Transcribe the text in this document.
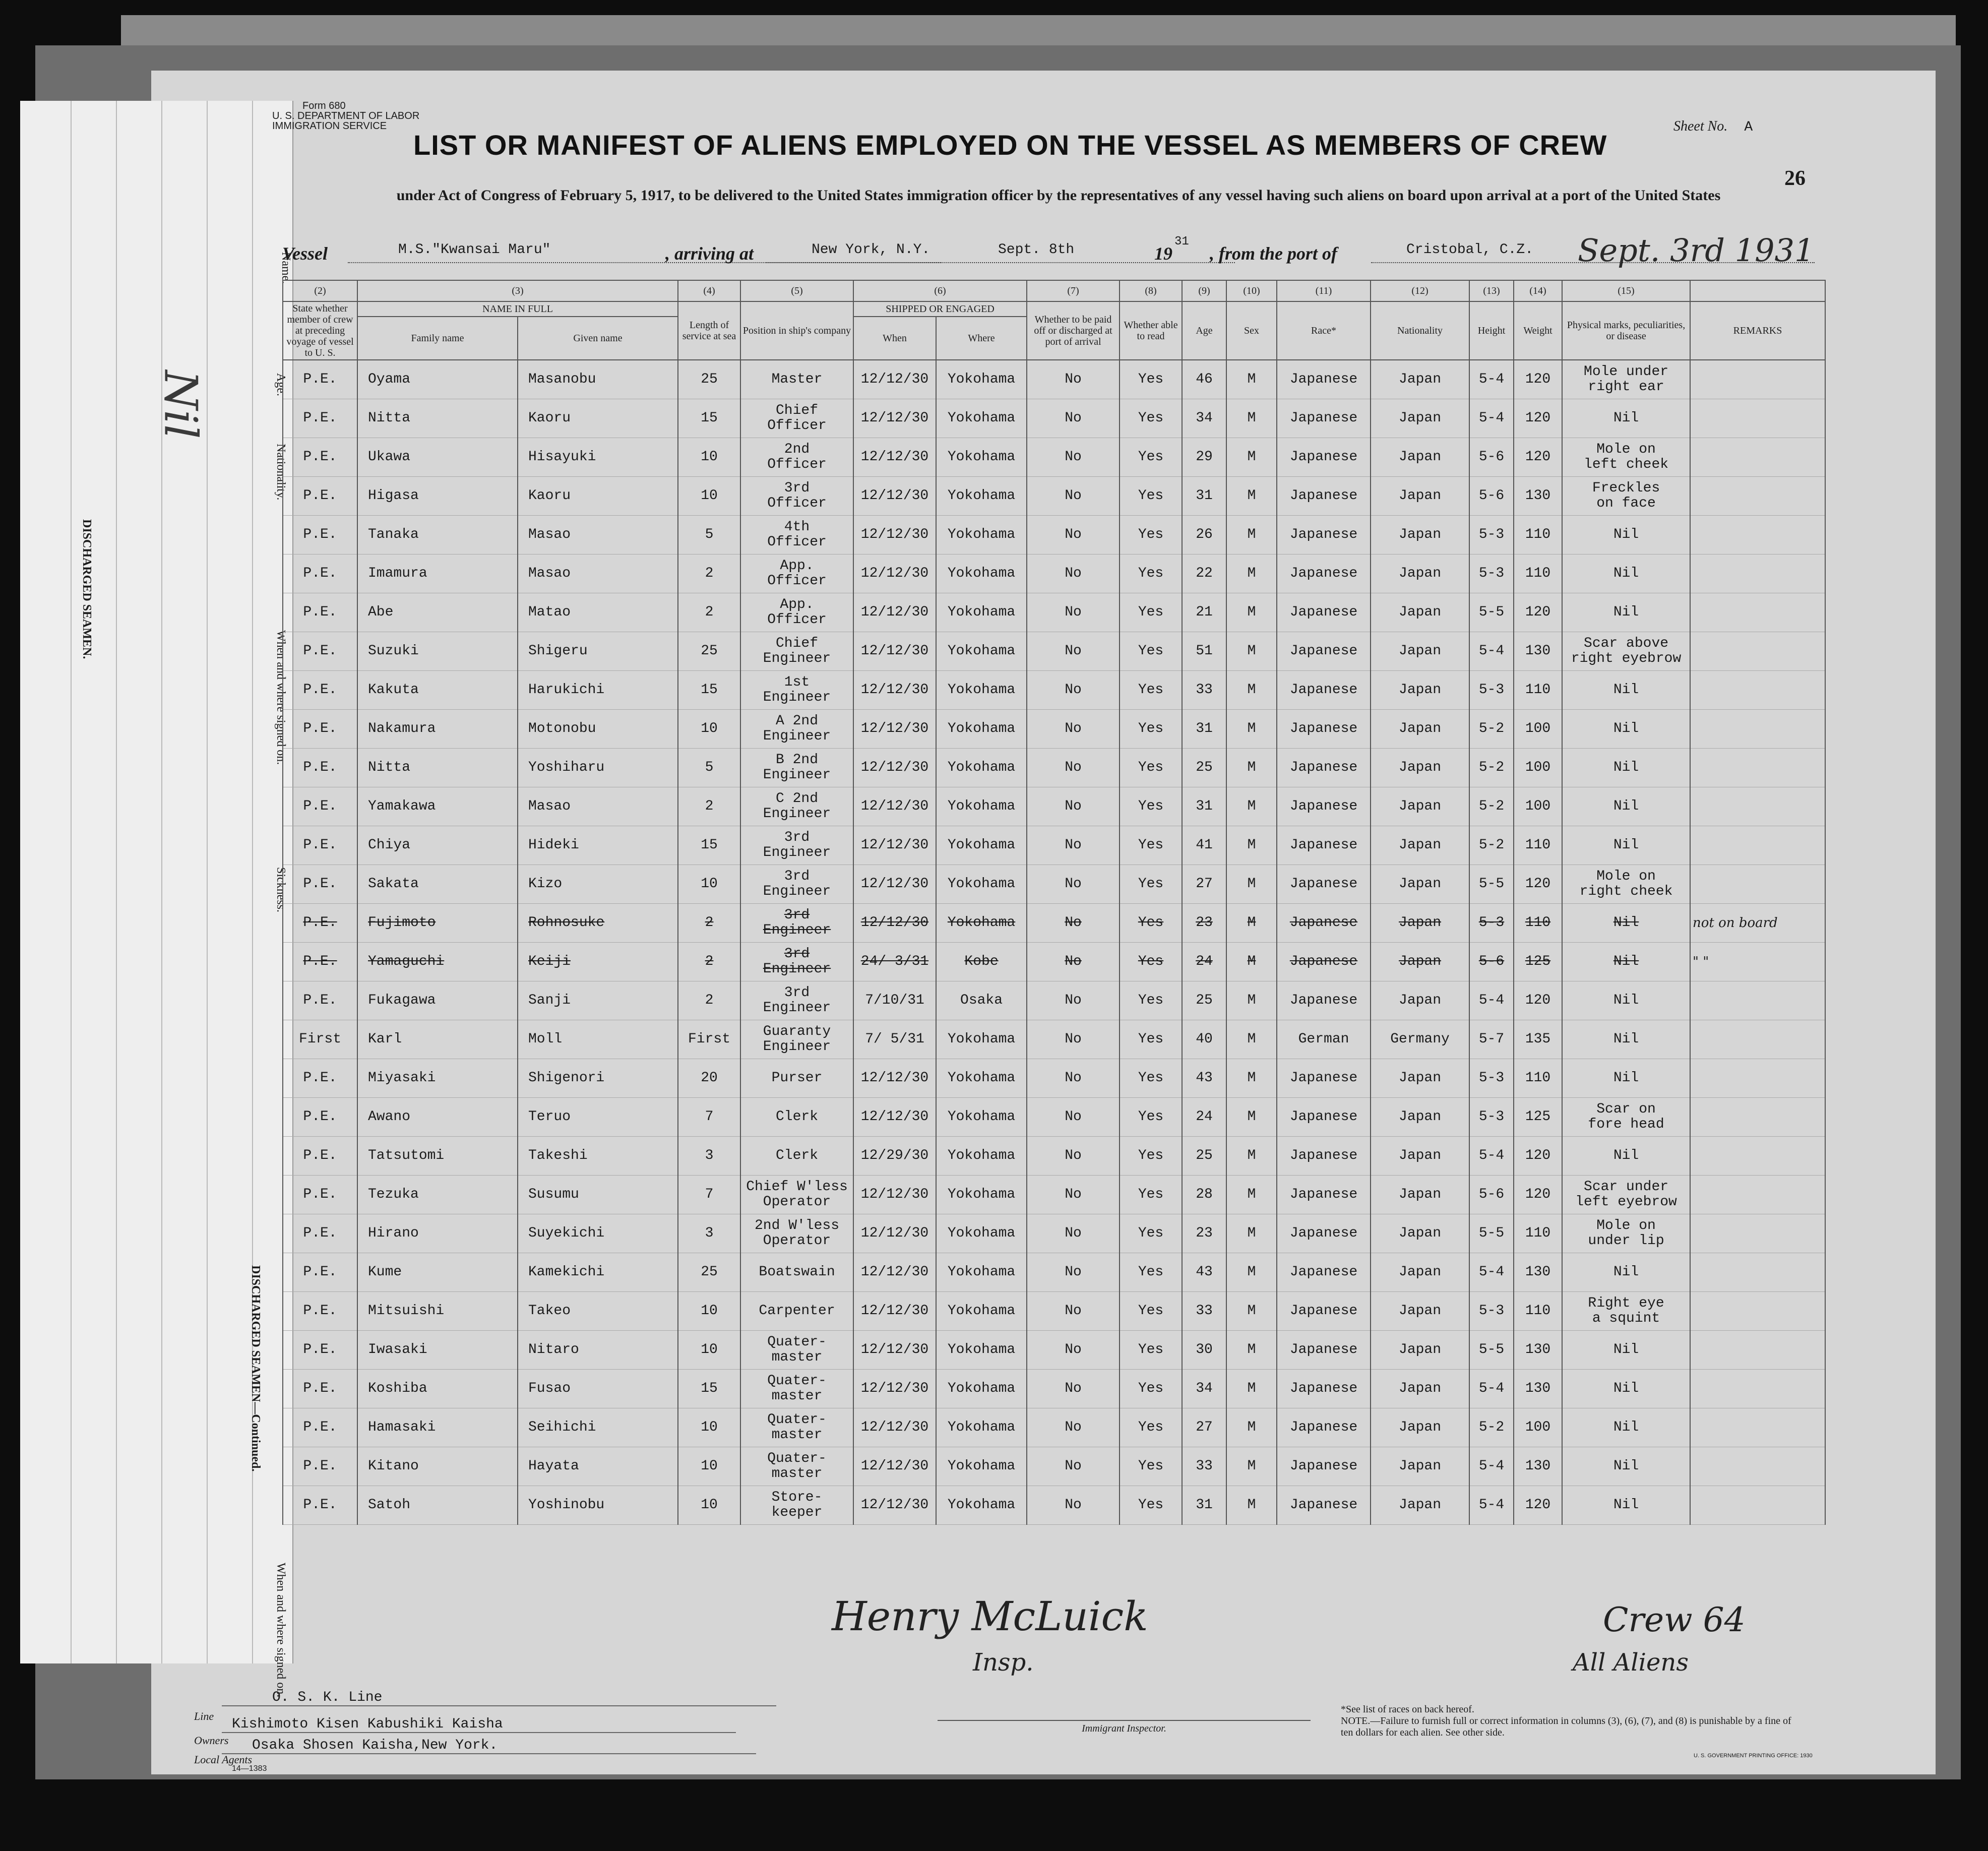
Name.
Age.
Nationality.
When and where signed on.
Sickness.
DISCHARGED SEAMEN.
DISCHARGED SEAMEN—Continued.
When and where signed on.
Nil
Form 680
U. S. DEPARTMENT OF LABOR
IMMIGRATION SERVICE
LIST OR MANIFEST OF ALIENS EMPLOYED ON THE VESSEL AS MEMBERS OF CREW
Sheet No. A
26
under Act of Congress of February 5, 1917, to be delivered to the United States immigration officer by the representatives of any vessel having such aliens on board upon arrival at a port of the United States
Vessel	M.S."Kwansai Maru"	, arriving at	New York, N.Y.	Sept. 8th	19
31
, from the port of	Cristobal, C.Z. Sept. 3rd 1931
(2)	(3)		(4)	(5)	(6)		(7)	(8)	(9)	(10)	(11)	(12)	(13)	(14)	(15)	
State whether member of crew at preceding voyage of vessel to U. S.	NAME IN FULL		Length of service at sea	Position in ship's company	SHIPPED OR ENGAGED		Whether to be paid off or discharged at port of arrival	Whether able to read	Age	Sex	Race*	Nationality	Height	Weight	Physical marks, peculiarities, or disease	REMARKS
	Family name	Given name			When	Where										
P.E.	Oyama	Masanobu	25	Master	12/12/30	Yokohama	No	Yes	46	M	Japanese	Japan	5-4	120	Mole under
right ear	
P.E.	Nitta	Kaoru	15	Chief
Officer	12/12/30	Yokohama	No	Yes	34	M	Japanese	Japan	5-4	120	Nil	
P.E.	Ukawa	Hisayuki	10	2nd
Officer	12/12/30	Yokohama	No	Yes	29	M	Japanese	Japan	5-6	120	Mole on
left cheek	
P.E.	Higasa	Kaoru	10	3rd
Officer	12/12/30	Yokohama	No	Yes	31	M	Japanese	Japan	5-6	130	Freckles
on face	
P.E.	Tanaka	Masao	5	4th
Officer	12/12/30	Yokohama	No	Yes	26	M	Japanese	Japan	5-3	110	Nil	
P.E.	Imamura	Masao	2	App.
Officer	12/12/30	Yokohama	No	Yes	22	M	Japanese	Japan	5-3	110	Nil	
P.E.	Abe	Matao	2	App.
Officer	12/12/30	Yokohama	No	Yes	21	M	Japanese	Japan	5-5	120	Nil	
P.E.	Suzuki	Shigeru	25	Chief
Engineer	12/12/30	Yokohama	No	Yes	51	M	Japanese	Japan	5-4	130	Scar above
right eyebrow	
P.E.	Kakuta	Harukichi	15	1st
Engineer	12/12/30	Yokohama	No	Yes	33	M	Japanese	Japan	5-3	110	Nil	
P.E.	Nakamura	Motonobu	10	A 2nd
Engineer	12/12/30	Yokohama	No	Yes	31	M	Japanese	Japan	5-2	100	Nil	
P.E.	Nitta	Yoshiharu	5	B 2nd
Engineer	12/12/30	Yokohama	No	Yes	25	M	Japanese	Japan	5-2	100	Nil	
P.E.	Yamakawa	Masao	2	C 2nd
Engineer	12/12/30	Yokohama	No	Yes	31	M	Japanese	Japan	5-2	100	Nil	
P.E.	Chiya	Hideki	15	3rd
Engineer	12/12/30	Yokohama	No	Yes	41	M	Japanese	Japan	5-2	110	Nil	
P.E.	Sakata	Kizo	10	3rd
Engineer	12/12/30	Yokohama	No	Yes	27	M	Japanese	Japan	5-5	120	Mole on
right cheek	
P.E.	Fujimoto	Rohnosuke	2	3rd
Engineer	12/12/30	Yokohama	No	Yes	23	M	Japanese	Japan	5-3	110	Nil	not on board
P.E.	Yamaguchi	Keiji	2	3rd
Engineer	24/ 3/31	Kobe	No	Yes	24	M	Japanese	Japan	5-6	125	Nil	" "
P.E.	Fukagawa	Sanji	2	3rd
Engineer	7/10/31	Osaka	No	Yes	25	M	Japanese	Japan	5-4	120	Nil	
First	Karl	Moll	First	Guaranty
Engineer	7/ 5/31	Yokohama	No	Yes	40	M	German	Germany	5-7	135	Nil	
P.E.	Miyasaki	Shigenori	20	Purser	12/12/30	Yokohama	No	Yes	43	M	Japanese	Japan	5-3	110	Nil	
P.E.	Awano	Teruo	7	Clerk	12/12/30	Yokohama	No	Yes	24	M	Japanese	Japan	5-3	125	Scar on
fore head	
P.E.	Tatsutomi	Takeshi	3	Clerk	12/29/30	Yokohama	No	Yes	25	M	Japanese	Japan	5-4	120	Nil	
P.E.	Tezuka	Susumu	7	Chief W'less
Operator	12/12/30	Yokohama	No	Yes	28	M	Japanese	Japan	5-6	120	Scar under
left eyebrow	
P.E.	Hirano	Suyekichi	3	2nd W'less
Operator	12/12/30	Yokohama	No	Yes	23	M	Japanese	Japan	5-5	110	Mole on
under lip	
P.E.	Kume	Kamekichi	25	Boatswain	12/12/30	Yokohama	No	Yes	43	M	Japanese	Japan	5-4	130	Nil	
P.E.	Mitsuishi	Takeo	10	Carpenter	12/12/30	Yokohama	No	Yes	33	M	Japanese	Japan	5-3	110	Right eye
a squint	
P.E.	Iwasaki	Nitaro	10	Quater-
master	12/12/30	Yokohama	No	Yes	30	M	Japanese	Japan	5-5	130	Nil	
P.E.	Koshiba	Fusao	15	Quater-
master	12/12/30	Yokohama	No	Yes	34	M	Japanese	Japan	5-4	130	Nil	
P.E.	Hamasaki	Seihichi	10	Quater-
master	12/12/30	Yokohama	No	Yes	27	M	Japanese	Japan	5-2	100	Nil	
P.E.	Kitano	Hayata	10	Quater-
master	12/12/30	Yokohama	No	Yes	33	M	Japanese	Japan	5-4	130	Nil	
P.E.	Satoh	Yoshinobu	10	Store-
keeper	12/12/30	Yokohama	No	Yes	31	M	Japanese	Japan	5-4	120	Nil	
Henry McLuick
Insp.
Crew 64
All Aliens
O. S. K. Line
Line
Kishimoto Kisen Kabushiki Kaisha
Owners	Osaka Shosen Kaisha,New York.
Local Agents
14—1383
Immigrant Inspector.
*See list of races on back hereof.
NOTE.—Failure to furnish full or correct information in columns (3), (6), (7), and (8) is punishable by a fine of ten dollars for each alien. See other side.
U. S. GOVERNMENT PRINTING OFFICE: 1930
